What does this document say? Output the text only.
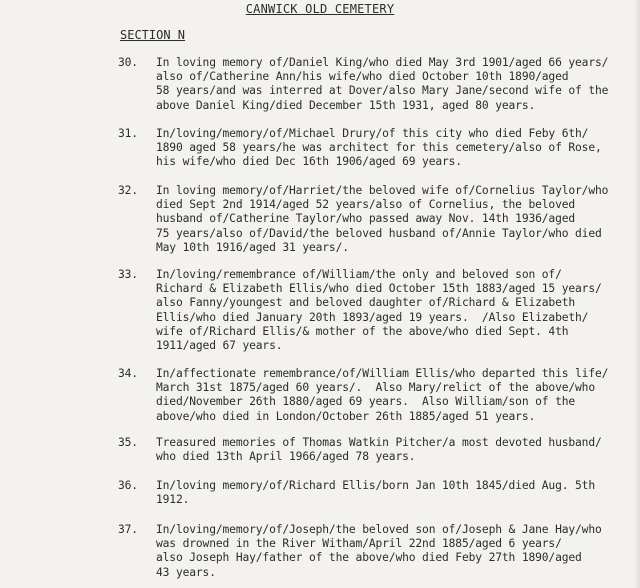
CANWICK OLD CEMETERY
SECTION N
30.	In loving memory of/Daniel King/who died May 3rd 1901/aged 66 years/
also of/Catherine Ann/his wife/who died October 10th 1890/aged
58 years/and was interred at Dover/also Mary Jane/second wife of the
above Daniel King/died December 15th 1931, aged 80 years.
31.	In/loving/memory/of/Michael Drury/of this city who died Feby 6th/
1890 aged 58 years/he was architect for this cemetery/also of Rose,
his wife/who died Dec 16th 1906/aged 69 years.
32.	In loving memory/of/Harriet/the beloved wife of/Cornelius Taylor/who
died Sept 2nd 1914/aged 52 years/also of Cornelius, the beloved
husband of/Catherine Taylor/who passed away Nov. 14th 1936/aged
75 years/also of/David/the beloved husband of/Annie Taylor/who died
May 10th 1916/aged 31 years/.
33.	In/loving/remembrance of/William/the only and beloved son of/
Richard & Elizabeth Ellis/who died October 15th 1883/aged 15 years/
also Fanny/youngest and beloved daughter of/Richard & Elizabeth
Ellis/who died January 20th 1893/aged 19 years.  /Also Elizabeth/
wife of/Richard Ellis/& mother of the above/who died Sept. 4th
1911/aged 67 years.
34.	In/affectionate remembrance/of/William Ellis/who departed this life/
March 31st 1875/aged 60 years/.  Also Mary/relict of the above/who
died/November 26th 1880/aged 69 years.  Also William/son of the
above/who died in London/October 26th 1885/aged 51 years.
35.	Treasured memories of Thomas Watkin Pitcher/a most devoted husband/
who died 13th April 1966/aged 78 years.
36.	In/loving memory/of/Richard Ellis/born Jan 10th 1845/died Aug. 5th
1912.
37.	In/loving/memory/of/Joseph/the beloved son of/Joseph & Jane Hay/who
was drowned in the River Witham/April 22nd 1885/aged 6 years/
also Joseph Hay/father of the above/who died Feby 27th 1890/aged
43 years.
